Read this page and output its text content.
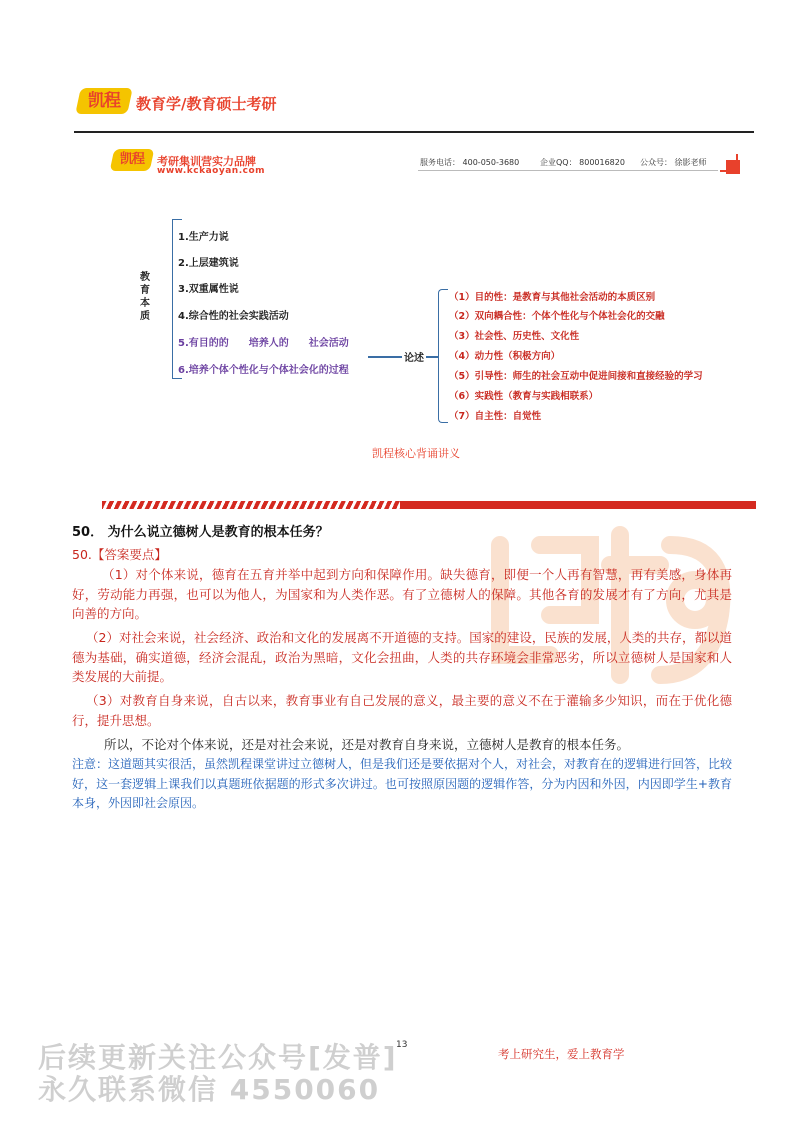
凯程	教育学/教育硕士考研
凯程	考研集训营实力品牌
www.kckaoyan.com
服务电话： 400-050-3680	企业QQ： 800016820 公众号： 徐影老师
教育本质
1.生产力说
2.上层建筑说
3.双重属性说
4.综合性的社会实践活动
5.有目的的　　培养人的　　社会活动
6.培养个体个性化与个体社会化的过程
论述
（1）目的性：是教育与其他社会活动的本质区别
（2）双向耦合性：个体个性化与个体社会化的交融
（3）社会性、历史性、文化性
（4）动力性（积极方向）
（5）引导性：师生的社会互动中促进间接和直接经验的学习
（6）实践性（教育与实践相联系）
（7）自主性：自觉性
凯程核心背诵讲义
50． 为什么说立德树人是教育的根本任务？
50.【答案要点】
（1）对个体来说，德育在五育并举中起到方向和保障作用。缺失德育，即便一个人再有智慧，再有美感，身体再好，劳动能力再强，也可以为他人，为国家和为人类作恶。有了立德树人的保障。其他各育的发展才有了方向，尤其是向善的方向。
（2）对社会来说，社会经济、政治和文化的发展离不开道德的支持。国家的建设，民族的发展，人类的共存，都以道德为基础，确实道德，经济会混乱，政治为黑暗，文化会扭曲，人类的共存环境会非常恶劣，所以立德树人是国家和人类发展的大前提。
（3）对教育自身来说，自古以来，教育事业有自己发展的意义，最主要的意义不在于灌输多少知识，而在于优化德行，提升思想。
所以，不论对个体来说，还是对社会来说，还是对教育自身来说，立德树人是教育的根本任务。
注意：这道题其实很活，虽然凯程课堂讲过立德树人，但是我们还是要依据对个人，对社会，对教育在的逻辑进行回答，比较好，这一套逻辑上课我们以真题班依据题的形式多次讲过。也可按照原因题的逻辑作答，分为内因和外因，内因即学生+教育本身，外因即社会原因。
后续更新关注公众号[发普]
永久联系微信 4550060
13
考上研究生，爱上教育学
